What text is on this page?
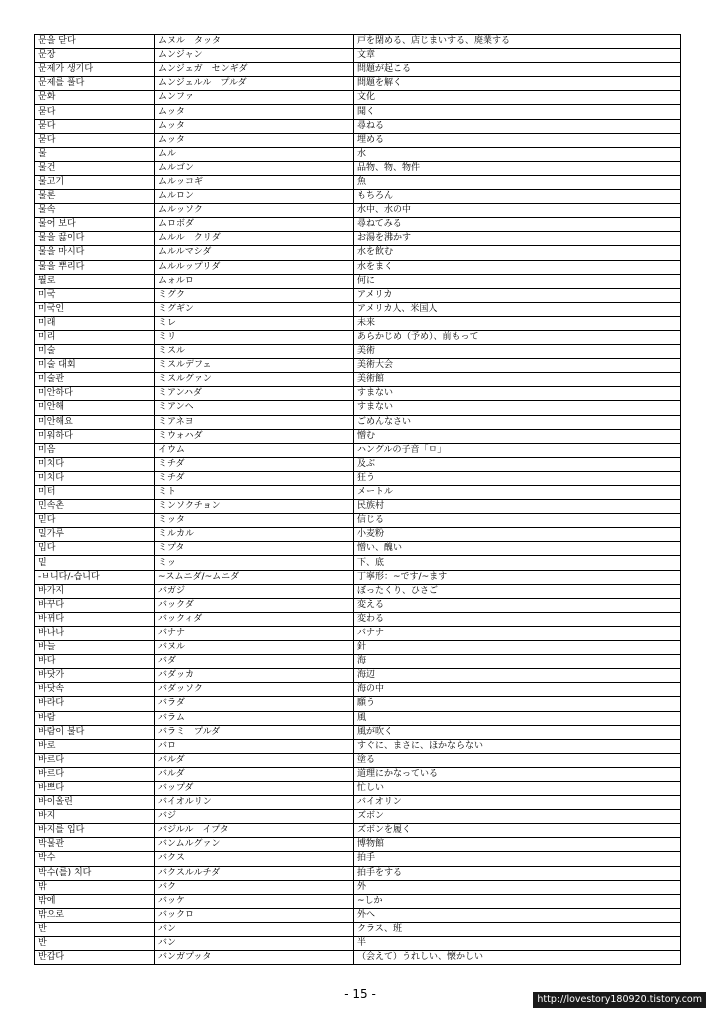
문을 닫다	ムヌル　タッタ	戸を閉める、店じまいする、廃業する
문장	ムンジャン	文章
문제가 생기다	ムンジェガ　センギダ	問題が起こる
문제를 풀다	ムンジェルル　プルダ	問題を解く
문화	ムンファ	文化
묻다	ムッタ	聞く
묻다	ムッタ	尋ねる
묻다	ムッタ	埋める
물	ムル	水
물건	ムルゴン	品物、物、物件
물고기	ムルッコギ	魚
물론	ムルロン	もちろん
물속	ムルッソク	水中、水の中
물어 보다	ムロボダ	尋ねてみる
물을 끓이다	ムルル　クリダ	お湯を沸かす
물을 마시다	ムルルマシダ	水を飲む
물을 뿌리다	ムルルップリダ	水をまく
뭘로	ムォルロ	何に
미국	ミグク	アメリカ
미국인	ミグギン	アメリカ人、米国人
미래	ミレ	未来
미리	ミリ	あらかじめ（予め）、前もって
미술	ミスル	美術
미술 대회	ミスルデフェ	美術大会
미술관	ミスルグァン	美術館
미안하다	ミアンハダ	すまない
미안해	ミアンヘ	すまない
미안해요	ミアネヨ	ごめんなさい
미워하다	ミウォハダ	憎む
미음	イウム	ハングルの子音「ㅁ」
미치다	ミチダ	及ぶ
미치다	ミチダ	狂う
미터	ミト	メートル
민속촌	ミンソクチョン	民族村
믿다	ミッタ	信じる
밀가루	ミルカル	小麦粉
밉다	ミプタ	憎い、醜い
밑	ミッ	下、底
-ㅂ니다/-습니다	~スムニダ/~ムニダ	丁寧形：~です/~ます
바가지	バガジ	ぼったくり、ひさご
바꾸다	バックダ	変える
바뀌다	バックィダ	変わる
바나나	バナナ	バナナ
바늘	バヌル	針
바다	バダ	海
바닷가	バダッカ	海辺
바닷속	バダッソク	海の中
바라다	バラダ	願う
바람	バラム	風
바람이 불다	バラミ　プルダ	風が吹く
바로	バロ	すぐに、まさに、ほかならない
바르다	バルダ	塗る
바르다	バルダ	道理にかなっている
바쁘다	バップダ	忙しい
바이올린	バイオルリン	バイオリン
바지	バジ	ズボン
바지를 입다	バジルル　イプタ	ズボンを履く
박물관	バンムルグァン	博物館
박수	バクス	拍手
박수(를) 치다	バクスルルチダ	拍手をする
밖	バク	外
밖에	バッケ	~しか
밖으로	バックロ	外へ
반	バン	クラス、班
반	バン	半
반갑다	バンガプッタ	（会えて）うれしい、懐かしい
- 15 -	http://lovestory180920.tistory.com
